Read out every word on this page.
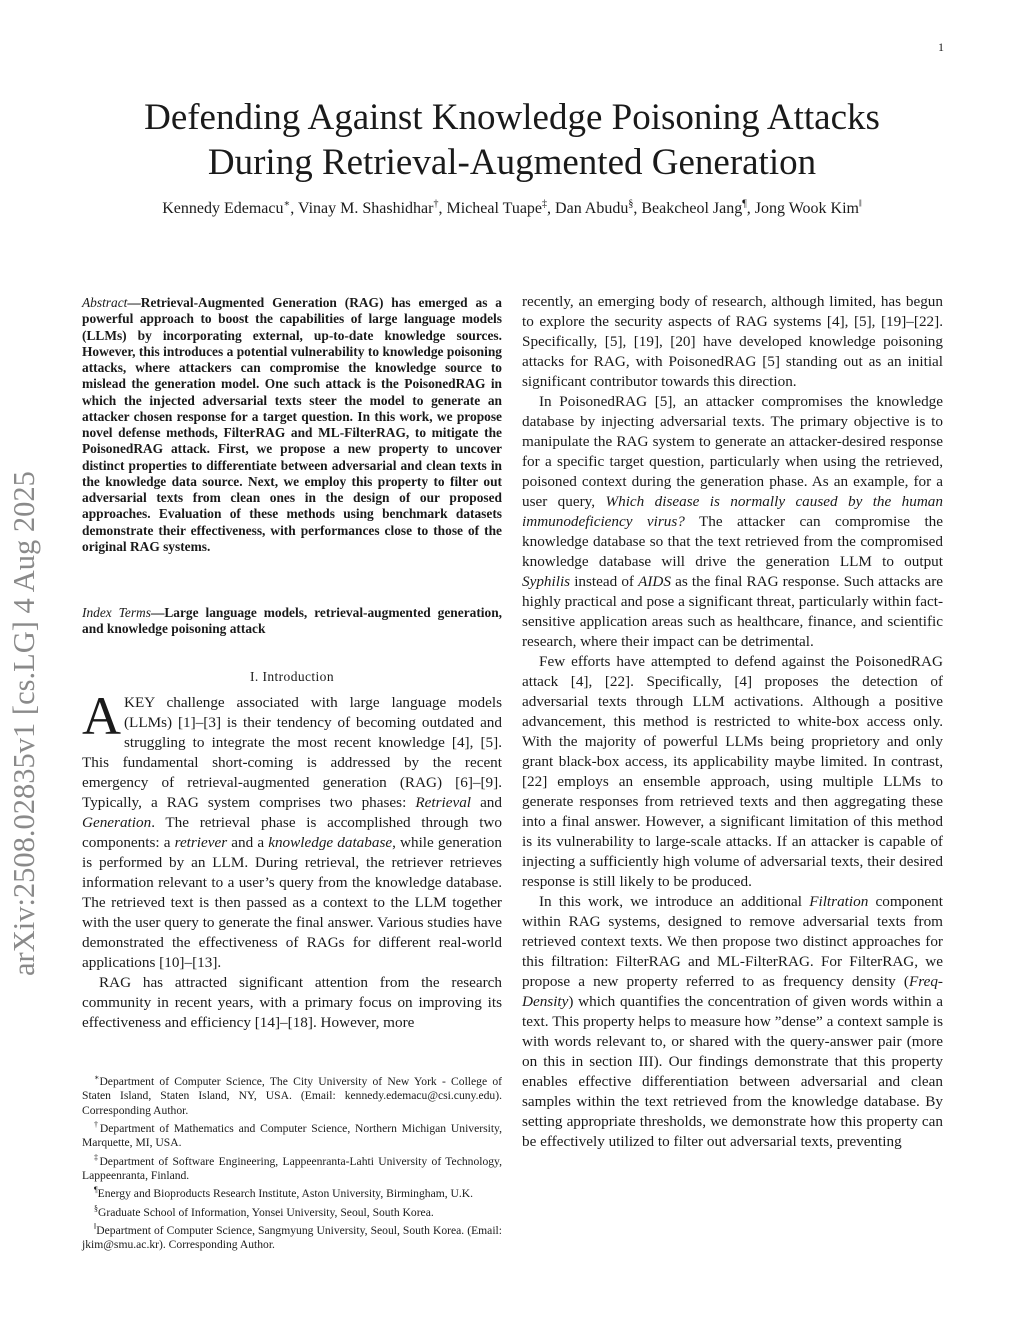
1
arXiv:2508.02835v1 [cs.LG] 4 Aug 2025
Defending Against Knowledge Poisoning Attacks
During Retrieval-Augmented Generation
Kennedy Edemacu∗, Vinay M. Shashidhar†, Micheal Tuape‡, Dan Abudu§, Beakcheol Jang¶, Jong Wook Kim‖
Abstract—Retrieval-Augmented Generation (RAG) has emerged as a powerful approach to boost the capabilities of large language models (LLMs) by incorporating external, up-to-date knowledge sources. However, this introduces a potential vulnerability to knowledge poisoning attacks, where attackers can compromise the knowledge source to mislead the generation model. One such attack is the PoisonedRAG in which the injected adversarial texts steer the model to generate an attacker chosen response for a target question. In this work, we propose novel defense methods, FilterRAG and ML-FilterRAG, to mitigate the PoisonedRAG attack. First, we propose a new property to uncover distinct properties to differentiate between adversarial and clean texts in the knowledge data source. Next, we employ this property to filter out adversarial texts from clean ones in the design of our proposed approaches. Evaluation of these methods using benchmark datasets demonstrate their effectiveness, with performances close to those of the original RAG systems.
Index Terms—Large language models, retrieval-augmented generation, and knowledge poisoning attack
I. Introduction

AKEY challenge associated with large language models (LLMs) [1]–[3] is their tendency of becoming outdated and struggling to integrate the most recent knowledge [4], [5]. This fundamental short-coming is addressed by the recent emergency of retrieval-augmented generation (RAG) [6]–[9]. Typically, a RAG system comprises two phases: Retrieval and Generation. The retrieval phase is accomplished through two components: a retriever and a knowledge database, while generation is performed by an LLM. During retrieval, the retriever retrieves information relevant to a user’s query from the knowledge database. The retrieved text is then passed as a context to the LLM together with the user query to generate the final answer. Various studies have demonstrated the effectiveness of RAGs for different real-world applications [10]–[13].

RAG has attracted significant attention from the research community in recent years, with a primary focus on improving its effectiveness and efficiency [14]–[18]. However, more

∗Department of Computer Science, The City University of New York - College of Staten Island, Staten Island, NY, USA. (Email: kennedy.edemacu@csi.cuny.edu). Corresponding Author.

†Department of Mathematics and Computer Science, Northern Michigan University, Marquette, MI, USA.

‡Department of Software Engineering, Lappeenranta-Lahti University of Technology, Lappeenranta, Finland.

¶Energy and Bioproducts Research Institute, Aston University, Birmingham, U.K.

§Graduate School of Information, Yonsei University, Seoul, South Korea.

‖Department of Computer Science, Sangmyung University, Seoul, South Korea. (Email: jkim@smu.ac.kr). Corresponding Author.

recently, an emerging body of research, although limited, has begun to explore the security aspects of RAG systems [4], [5], [19]–[22]. Specifically, [5], [19], [20] have developed knowledge poisoning attacks for RAG, with PoisonedRAG [5] standing out as an initial significant contributor towards this direction.

In PoisonedRAG [5], an attacker compromises the knowledge database by injecting adversarial texts. The primary objective is to manipulate the RAG system to generate an attacker-desired response for a specific target question, particularly when using the retrieved, poisoned context during the generation phase. As an example, for a user query, Which disease is normally caused by the human immunodeficiency virus? The attacker can compromise the knowledge database so that the text retrieved from the compromised knowledge database will drive the generation LLM to output Syphilis instead of AIDS as the final RAG response. Such attacks are highly practical and pose a significant threat, particularly within fact-sensitive application areas such as healthcare, finance, and scientific research, where their impact can be detrimental.

Few efforts have attempted to defend against the PoisonedRAG attack [4], [22]. Specifically, [4] proposes the detection of adversarial texts through LLM activations. Although a positive advancement, this method is restricted to white-box access only. With the majority of powerful LLMs being proprietory and only grant black-box access, its applicability maybe limited. In contrast, [22] employs an ensemble approach, using multiple LLMs to generate responses from retrieved texts and then aggregating these into a final answer. However, a significant limitation of this method is its vulnerability to large-scale attacks. If an attacker is capable of injecting a sufficiently high volume of adversarial texts, their desired response is still likely to be produced.

In this work, we introduce an additional Filtration component within RAG systems, designed to remove adversarial texts from retrieved context texts. We then propose two distinct approaches for this filtration: FilterRAG and ML-FilterRAG. For FilterRAG, we propose a new property referred to as frequency density (Freq-Density) which quantifies the concentration of given words within a text. This property helps to measure how ”dense” a context sample is with words relevant to, or shared with the query-answer pair (more on this in section III). Our findings demonstrate that this property enables effective differentiation between adversarial and clean samples within the text retrieved from the knowledge database. By setting appropriate thresholds, we demonstrate how this property can be effectively utilized to filter out adversarial texts, preventing
